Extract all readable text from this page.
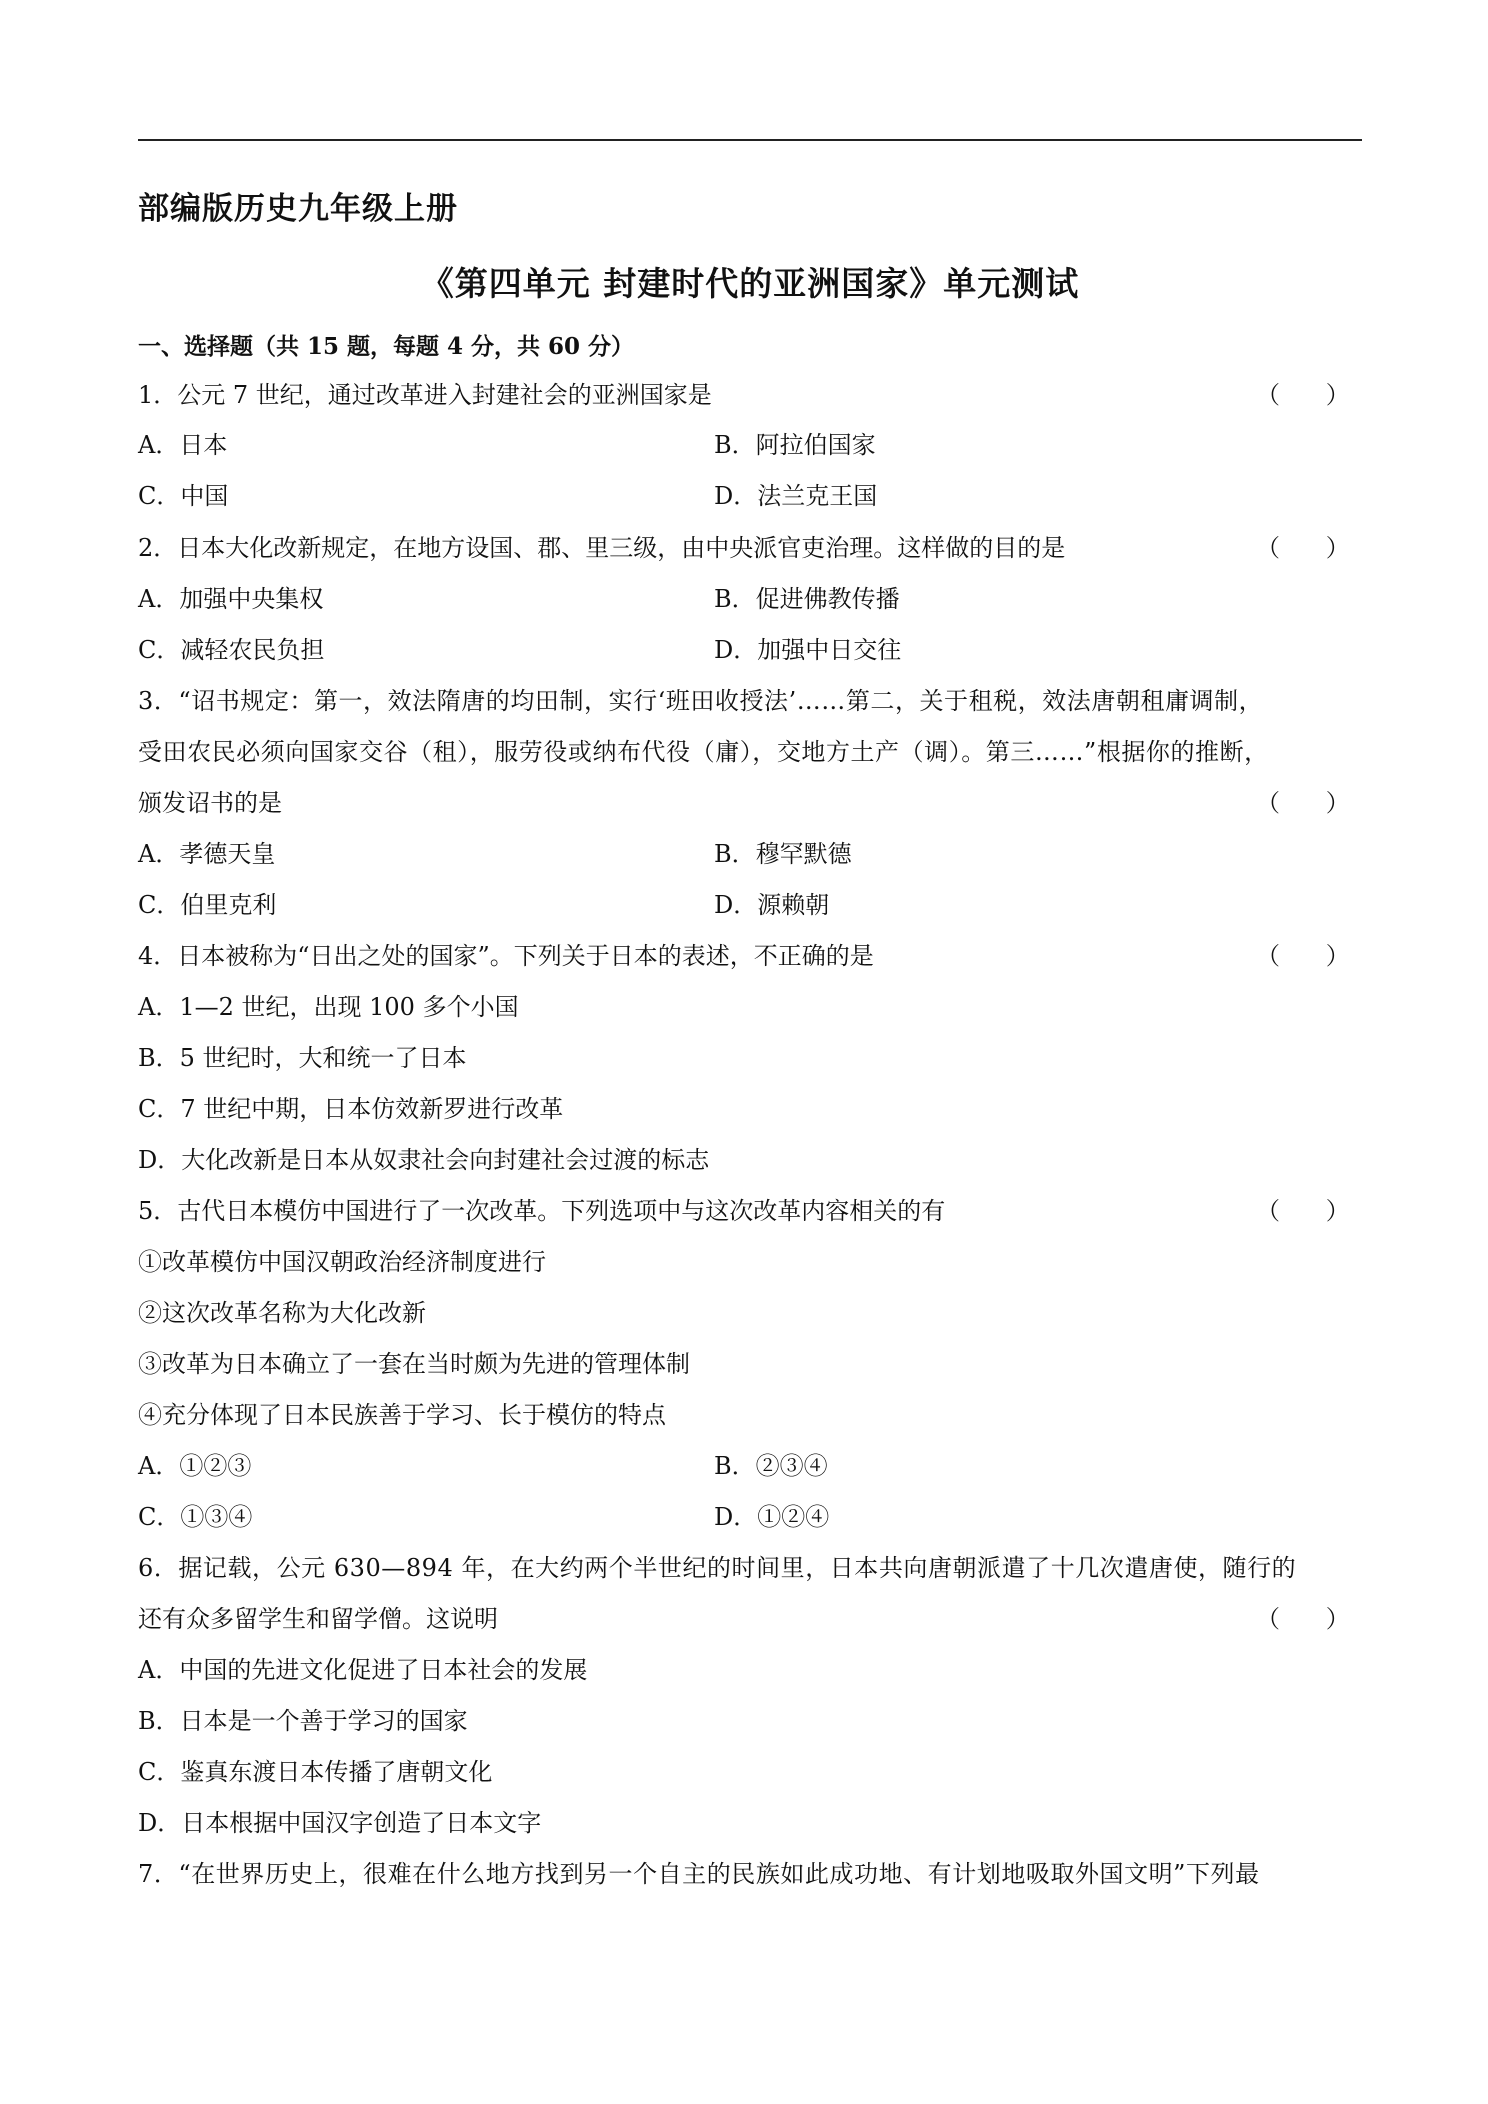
部编版历史九年级上册
《第四单元 封建时代的亚洲国家》单元测试
一、选择题（共 15 题，每题 4 分，共 60 分）
1．公元 7 世纪，通过改革进入封建社会的亚洲国家是	（      ）
A．日本	B．阿拉伯国家
C．中国	D．法兰克王国
2．日本大化改新规定，在地方设国、郡、里三级，由中央派官吏治理。这样做的目的是	（      ）
A．加强中央集权	B．促进佛教传播
C．减轻农民负担	D．加强中日交往
3．“诏书规定：第一，效法隋唐的均田制，实行‘班田收授法’……第二，关于租税，效法唐朝租庸调制，
受田农民必须向国家交谷（租），服劳役或纳布代役（庸），交地方土产（调）。第三……”根据你的推断，
颁发诏书的是	（      ）
A．孝德天皇	B．穆罕默德
C．伯里克利	D．源赖朝
4．日本被称为“日出之处的国家”。下列关于日本的表述，不正确的是	（      ）
A．1—2 世纪，出现 100 多个小国
B．5 世纪时，大和统一了日本
C．7 世纪中期，日本仿效新罗进行改革
D．大化改新是日本从奴隶社会向封建社会过渡的标志
5．古代日本模仿中国进行了一次改革。下列选项中与这次改革内容相关的有	（      ）
①改革模仿中国汉朝政治经济制度进行
②这次改革名称为大化改新
③改革为日本确立了一套在当时颇为先进的管理体制
④充分体现了日本民族善于学习、长于模仿的特点
A．①②③	B．②③④
C．①③④	D．①②④
6．据记载，公元 630—894 年，在大约两个半世纪的时间里，日本共向唐朝派遣了十几次遣唐使，随行的
还有众多留学生和留学僧。这说明	（      ）
A．中国的先进文化促进了日本社会的发展
B．日本是一个善于学习的国家
C．鉴真东渡日本传播了唐朝文化
D．日本根据中国汉字创造了日本文字
7．“在世界历史上，很难在什么地方找到另一个自主的民族如此成功地、有计划地吸取外国文明”下列最
